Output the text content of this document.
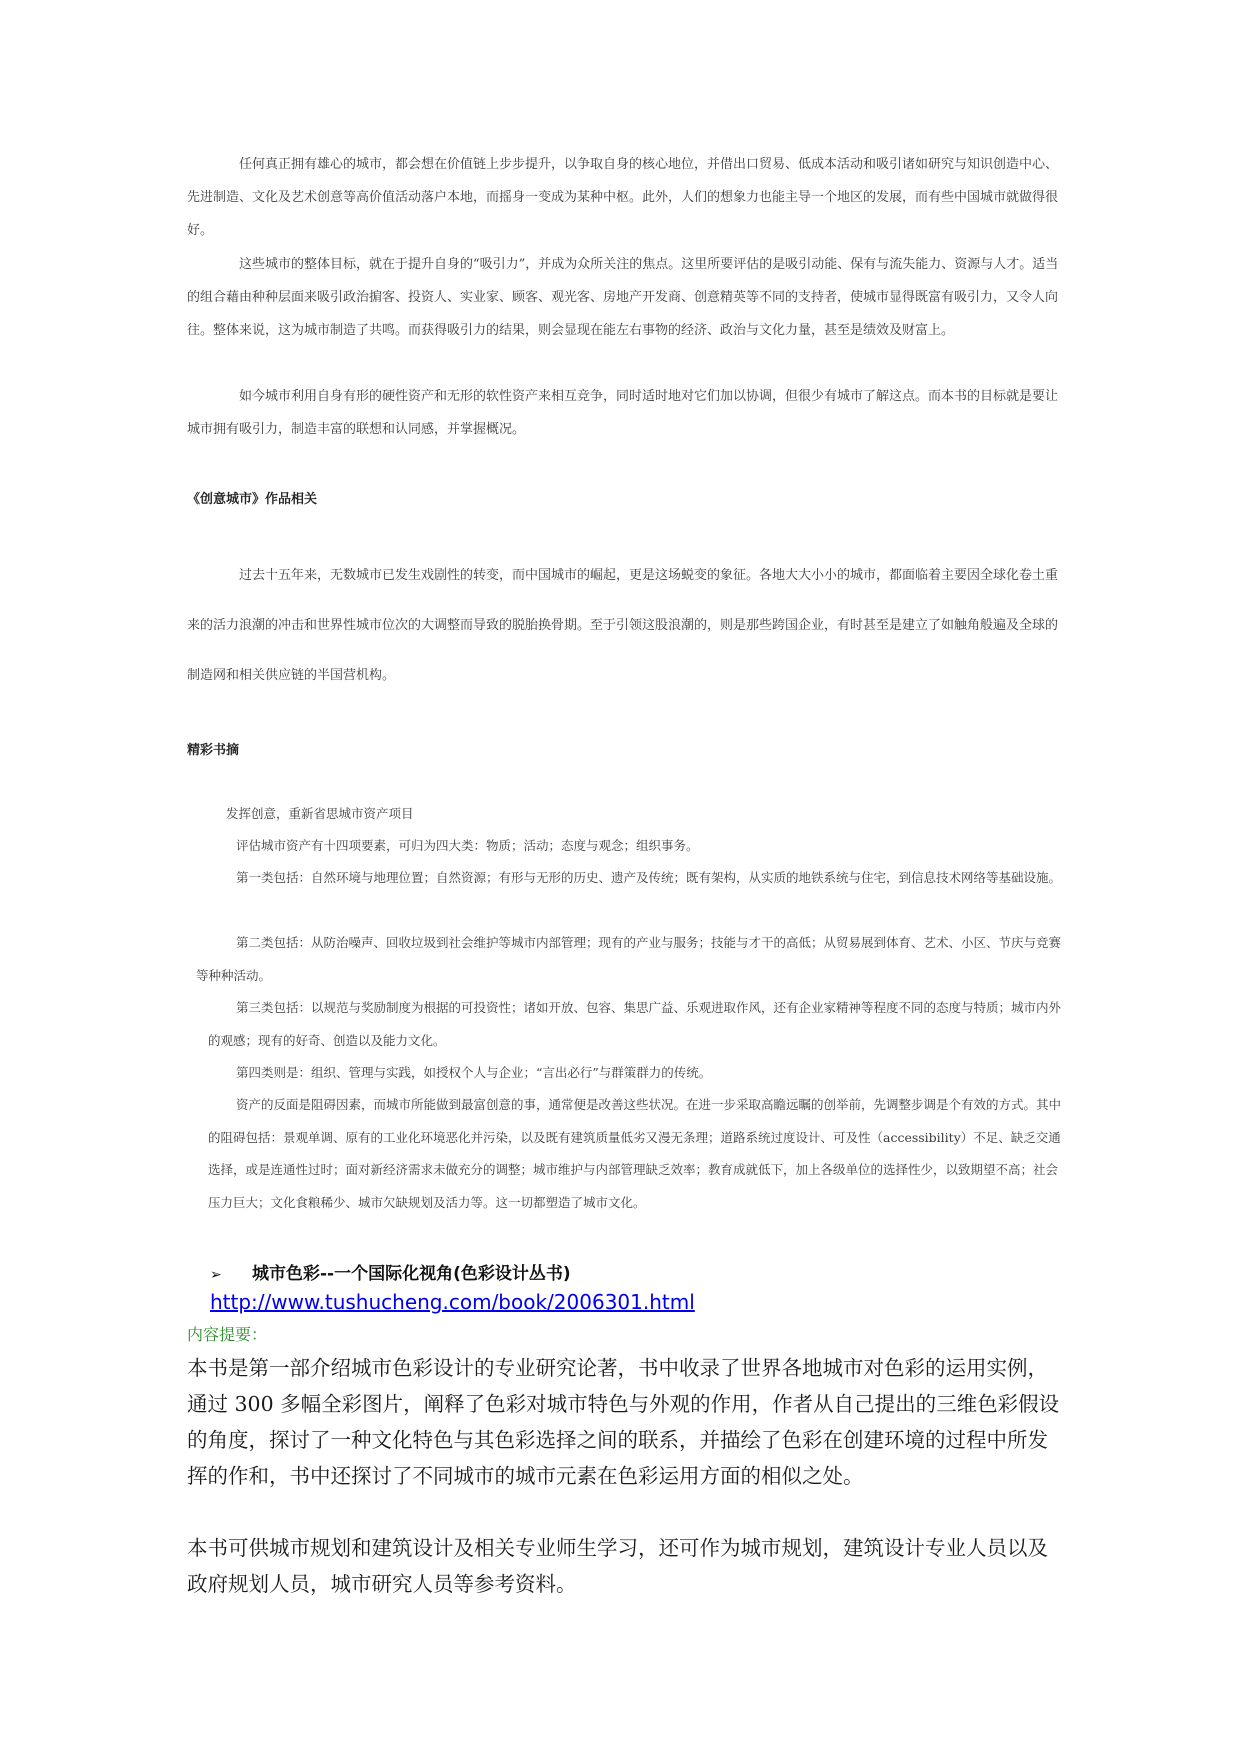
任何真正拥有雄心的城市，都会想在价值链上步步提升，以争取自身的核心地位，并借出口贸易、低成本活动和吸引诸如研究与知识创造中心、先进制造、文化及艺术创意等高价值活动落户本地，而摇身一变成为某种中枢。此外，人们的想象力也能主导一个地区的发展，而有些中国城市就做得很好。

这些城市的整体目标，就在于提升自身的“吸引力”，并成为众所关注的焦点。这里所要评估的是吸引动能、保有与流失能力、资源与人才。适当的组合藉由种种层面来吸引政治掮客、投资人、实业家、顾客、观光客、房地产开发商、创意精英等不同的支持者，使城市显得既富有吸引力，又令人向往。整体来说，这为城市制造了共鸣。而获得吸引力的结果，则会显现在能左右事物的经济、政治与文化力量，甚至是绩效及财富上。

如今城市利用自身有形的硬性资产和无形的软性资产来相互竞争，同时适时地对它们加以协调，但很少有城市了解这点。而本书的目标就是要让城市拥有吸引力，制造丰富的联想和认同感，并掌握概况。

《创意城市》作品相关

过去十五年来，无数城市已发生戏剧性的转变，而中国城市的崛起，更是这场蜕变的象征。各地大大小小的城市，都面临着主要因全球化卷土重来的活力浪潮的冲击和世界性城市位次的大调整而导致的脱胎换骨期。至于引领这股浪潮的，则是那些跨国企业，有时甚至是建立了如触角般遍及全球的制造网和相关供应链的半国营机构。

精彩书摘

发挥创意，重新省思城市资产项目

评估城市资产有十四项要素，可归为四大类：物质；活动；态度与观念；组织事务。

第一类包括：自然环境与地理位置；自然资源；有形与无形的历史、遗产及传统；既有架构，从实质的地铁系统与住宅，到信息技术网络等基础设施。

第二类包括：从防治噪声、回收垃圾到社会维护等城市内部管理；现有的产业与服务；技能与才干的高低；从贸易展到体育、艺术、小区、节庆与竞赛等种种活动。

第三类包括：以规范与奖励制度为根据的可投资性；诸如开放、包容、集思广益、乐观进取作风，还有企业家精神等程度不同的态度与特质；城市内外的观感；现有的好奇、创造以及能力文化。

第四类则是：组织、管理与实践，如授权个人与企业；“言出必行”与群策群力的传统。

资产的反面是阻碍因素，而城市所能做到最富创意的事，通常便是改善这些状况。在进一步采取高瞻远瞩的创举前，先调整步调是个有效的方式。其中的阻碍包括：景观单调、原有的工业化环境恶化并污染，以及既有建筑质量低劣又漫无条理；道路系统过度设计、可及性（accessibility）不足、缺乏交通选择，或是连通性过时；面对新经济需求未做充分的调整；城市维护与内部管理缺乏效率；教育成就低下，加上各级单位的选择性少，以致期望不高；社会压力巨大；文化食粮稀少、城市欠缺规划及活力等。这一切都塑造了城市文化。

➢ 城市色彩--一个国际化视角(色彩设计丛书)
http://www.tushucheng.com/book/2006301.html
内容提要：

本书是第一部介绍城市色彩设计的专业研究论著，书中收录了世界各地城市对色彩的运用实例，通过 300 多幅全彩图片，阐释了色彩对城市特色与外观的作用，作者从自己提出的三维色彩假设的角度，探讨了一种文化特色与其色彩选择之间的联系，并描绘了色彩在创建环境的过程中所发挥的作和，书中还探讨了不同城市的城市元素在色彩运用方面的相似之处。

本书可供城市规划和建筑设计及相关专业师生学习，还可作为城市规划，建筑设计专业人员以及政府规划人员，城市研究人员等参考资料。
